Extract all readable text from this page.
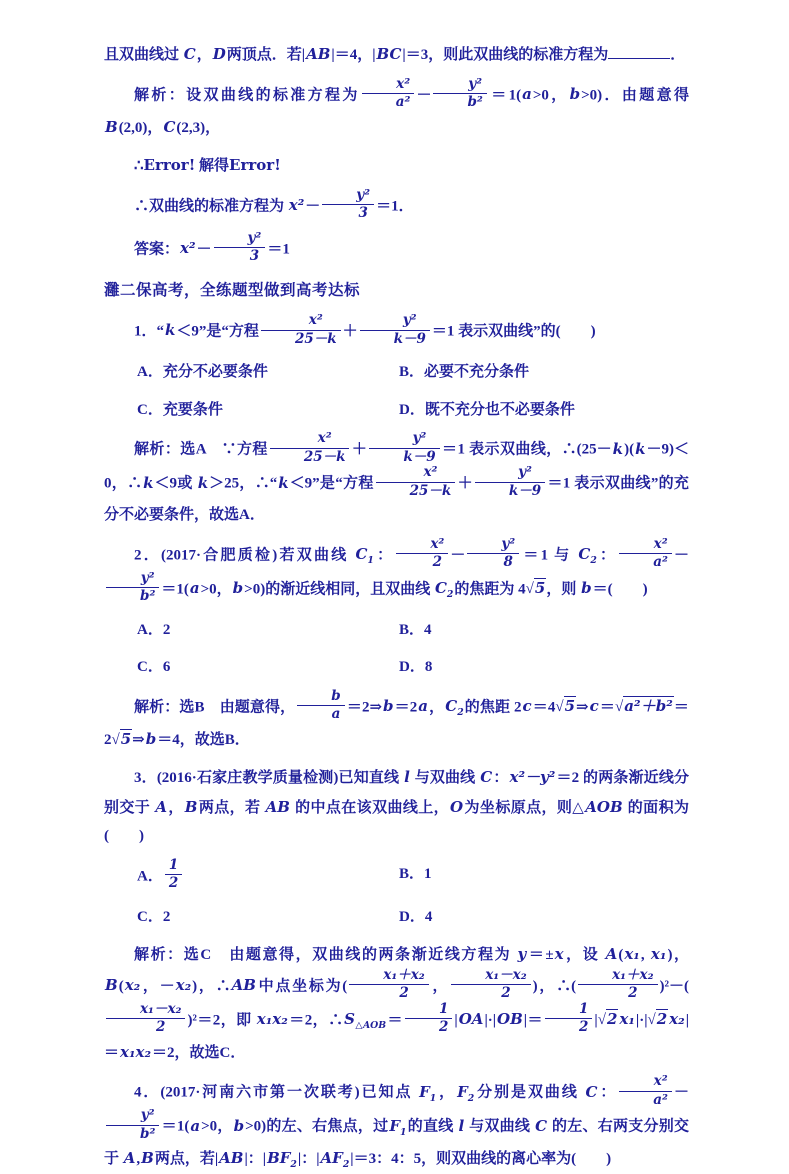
且双曲线过 C，D两顶点．若|AB|＝4，|BC|＝3，则此双曲线的标准方程为	．
解析：设双曲线的标准方程为 $\frac{\text{x²}}{\text{a²}} - \frac{\text{y²}}{\text{b²}} =1(a>0$，b>0)．由题意得 B(2,0)，C(2,3)，
∴Error! 解得Error!
∴双曲线的标准方程为 $x^2- \frac{\text{y²}}{3} =1$．
答案：$x^2- \frac{\text{y²}}{3} =1$
灉二保高考，全练题型做到高考达标
1．“k＜9”是“方程 $\frac{\text{x²}}{25-k} + \frac{\text{y²}}{k-9} =1$ 表示双曲线”的(　　)
A．充分不必要条件	B．必要不充分条件
C．充要条件	D．既不充分也不必要条件
解析：选A　∵方程 $\frac{\text{x²}}{25-k} + \frac{\text{y²}}{k-9} =1$ 表示双曲线，∴(25－k)(k－9)＜0，∴k＜9或 k＞25，∴“k＜9”是“方程 $\frac{\text{x²}}{25-k} + \frac{\text{y²}}{k-9} =1$ 表示双曲线”的充分不必要条件，故选A．
2．(2017·合肥质检)若双曲线 $C_1$： $\frac{\text{x²}}{2} - \frac{\text{y²}}{8} =1$ 与 $C_2$： $\frac{\text{x²}}{\text{a²}}$ －
$\frac{\text{y²}}{\text{b²}} =1(a>0$，b>0)的渐近线相同，且双曲线 $C_2$的焦距为 4√5，则 b＝(　　)
A．2	B．4
C．6	D．8
解析：选B　由题意得， $\frac{b}{a}$ ＝2⇒b＝2a，$C_2$的焦距 2c＝4√5⇒c＝√a²＋b²＝2√5⇒b＝4，故选B．
3．(2016·石家庄教学质量检测)已知直线 l 与双曲线 C：x²－y²＝2 的两条渐近线分别交于 A，B两点，若 AB 的中点在该双曲线上，O为坐标原点，则△AOB 的面积为(　　)
A． $\frac{1}{2}$	B．1
C．2	D．4
解析：选C　由题意得，双曲线的两条渐近线方程为 y＝±x，设 A(x₁, x₁)，B(x₂，－x₂)，∴AB中点坐标为( $\frac{\text{x₁＋x₂}}{2}$ ， $\frac{\text{x₁－x₂}}{2}$ )，∴( $\frac{\text{x₁＋x₂}}{2} )^2-$(
$\frac{\text{x₁－x₂}}{2} )^2=2$，即 x₁x₂＝2，$\therefore S_{\triangle AOB}= \frac{1}{2} |OA|\cdot|OB|= \frac{1}{2} |√2$ x₁|·|√2 x₂|＝x₁x₂＝2，故选C．
4．(2017·河南六市第一次联考)已知点 $F_1$，$F_2$分别是双曲线 C： $\frac{\text{x²}}{\text{a²}}$ －
$\frac{\text{y²}}{\text{b²}} =1(a>0$，b>0)的左、右焦点，过$F_1$的直线 l 与双曲线 C 的左、右两支分别交于 A,B两点，若|AB|：$|BF_2|$：$|AF_2|=3$：4：5，则双曲线的离心率为(　　)
